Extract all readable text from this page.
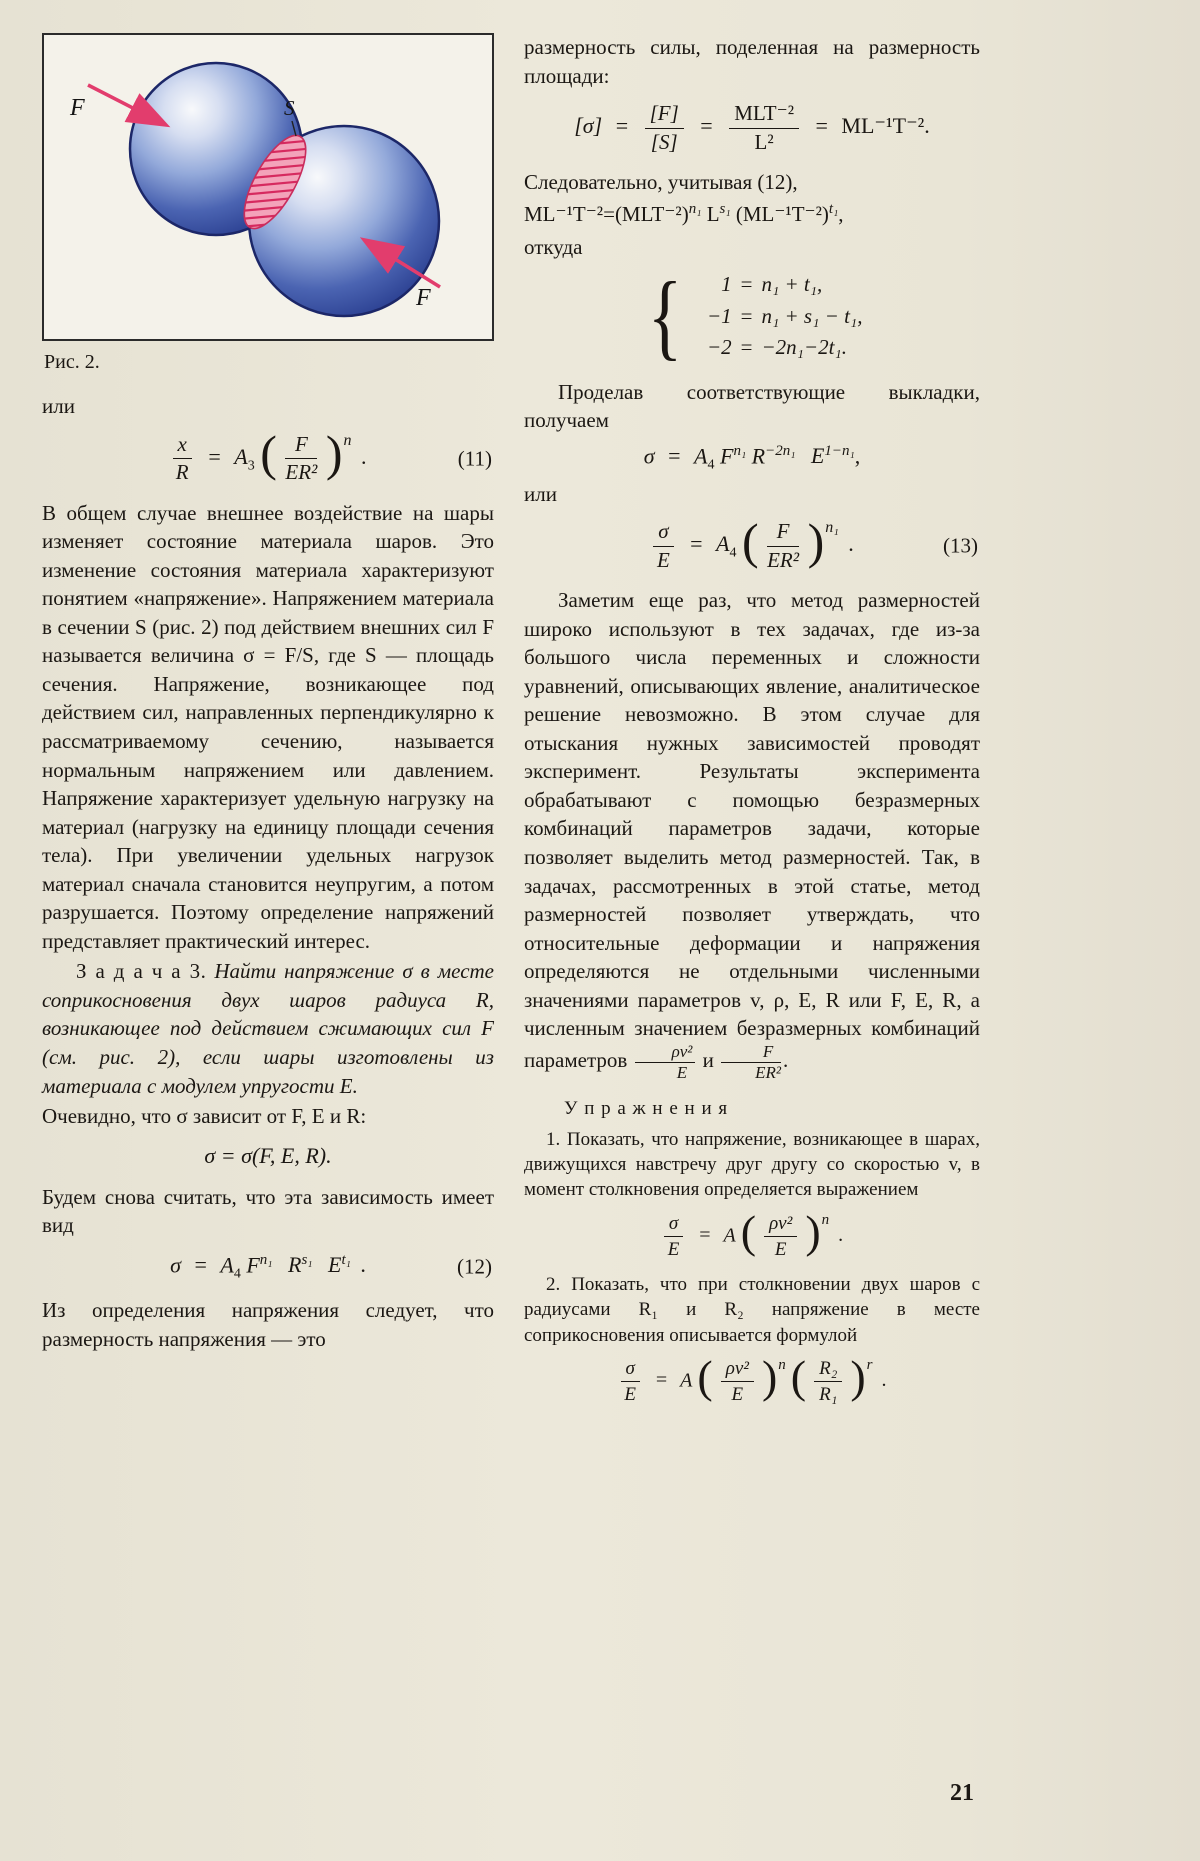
F
F
S
Рис. 2.

или

$\frac{x}{R} = A_3$ ( $\frac{F}{\text{ER²}} )^n$ .	(11)

В общем случае внешнее воздействие на шары изменяет состояние материала шаров. Это изменение состояния материала характеризуют понятием «напряжение». Напряжением материала в сечении S (рис. 2) под действием внешних сил F называется величина σ = F/S, где S — площадь сечения. Напряжение, возникающее под действием сил, направленных перпендикулярно к рассматриваемому сечению, называется нормальным напряжением или давлением. Напряжение характеризует удельную нагрузку на материал (нагрузку на единицу площади сечения тела). При увеличении удельных нагрузок материал сначала становится неупругим, а потом разрушается. Поэтому определение напряжений представляет практический интерес.

З а д а ч а 3. Найти напряжение σ в месте соприкосновения двух шаров радиуса R, возникающее под действием сжимающих сил F (см. рис. 2), если шары изготовлены из материала с модулем упругости E.

Очевидно, что σ зависит от F, E и R:

σ = σ(F, E, R).

Будем снова считать, что эта зависимость имеет вид

$\sigma = A_4$ $F^{n_1}$ $R^{s_1}$ $E^{t_1}$ .	(12)

Из определения напряжения следует, что размерность напряжения — это

размерность силы, поделенная на размерность площади:

$[\sigma] = \frac{[F]}{[S]} = \frac{\text{MLT⁻²}}{\text{L²}} = ML^{-1}T^{-2}$.

Следовательно, учитывая (12),

$ML^{-1}T^{-2}=(MLT^{-2})^{n_1}$ $L^{s_1}$ $(ML^{-1}T^{-2})^{t_1}$,

откуда

{	1 = n₁ + t₁,
−1 = n₁ + s₁ − t₁,
−2 = −2n₁−2t₁.

Проделав соответствующие выкладки, получаем

$\sigma = A_4$ $F^{n_1}$ $R^{-2n_1}$ $E^{1-n_1}$,

или

$\frac{\sigma}{E} = A_4$ ( $\frac{F}{\text{ER²}} )^{n_1}$ .	(13)

Заметим еще раз, что метод размерностей широко используют в тех задачах, где из-за большого числа переменных и сложности уравнений, описывающих явление, аналитическое решение невозможно. В этом случае для отыскания нужных зависимостей проводят эксперимент. Результаты эксперимента обрабатывают с помощью безразмерных комбинаций параметров задачи, которые позволяет выделить метод размерностей. Так, в задачах, рассмотренных в этой статье, метод размерностей позволяет утверждать, что относительные деформации и напряжения определяются не отдельными численными значениями параметров v, ρ, E, R или F, E, R, а численным значением безразмерных комбинаций параметров $\frac{\text{ρv²}}{E}$ и $\frac{F}{\text{ER²}}$ .

У п р а ж н е н и я

1. Показать, что напряжение, возникающее в шарах, движущихся навстречу друг другу со скоростью v, в момент столкновения определяется выражением

$\frac{\sigma}{E} = A$ ( $\frac{\text{ρv²}}{E} )^n$ .

2. Показать, что при столкновении двух шаров с радиусами R₁ и R₂ напряжение в месте соприкосновения описывается формулой

$\frac{\sigma}{E} = A$ ( $\frac{\text{ρv²}}{E} )^n$ ( $\frac{\text{R₂}}{\text{R₁}} )^r$ .
21
